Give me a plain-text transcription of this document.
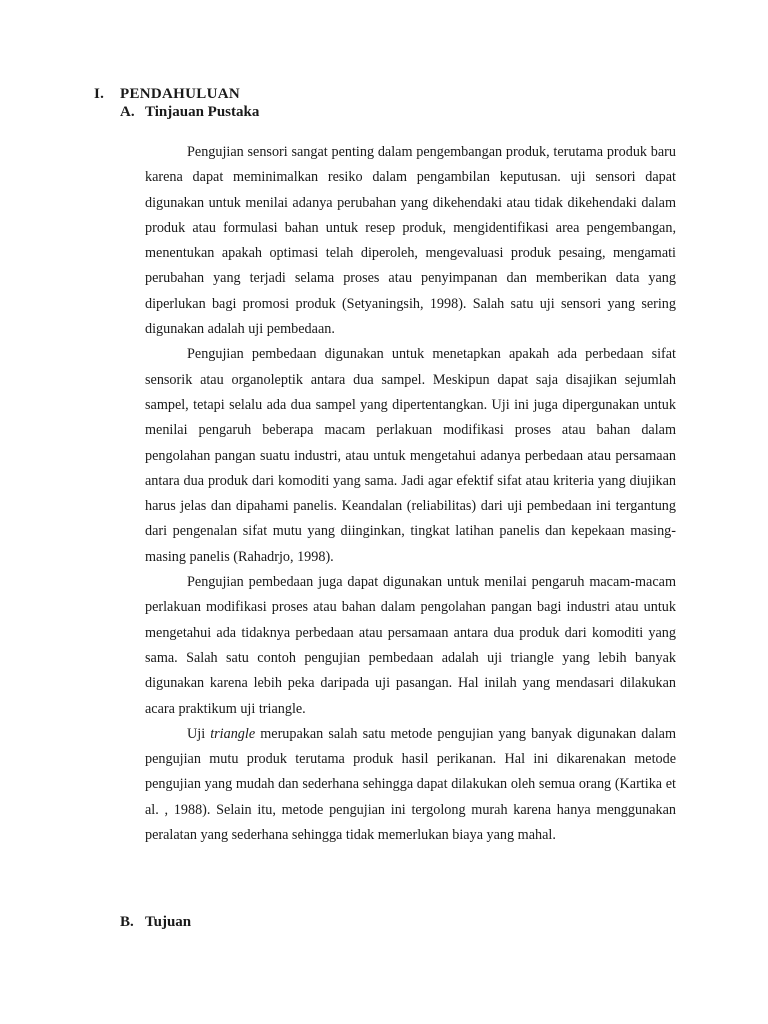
I. PENDAHULUAN
A. Tinjauan Pustaka

Pengujian sensori sangat penting dalam pengembangan produk, terutama produk baru karena dapat meminimalkan resiko dalam pengambilan keputusan. uji sensori dapat digunakan untuk menilai adanya perubahan yang dikehendaki atau tidak dikehendaki dalam produk atau formulasi bahan untuk resep produk, mengidentifikasi area pengembangan, menentukan apakah optimasi telah diperoleh, mengevaluasi produk pesaing, mengamati perubahan yang terjadi selama proses atau penyimpanan dan memberikan data yang diperlukan bagi promosi produk (Setyaningsih, 1998). Salah satu uji sensori yang sering digunakan adalah uji pembedaan.

Pengujian pembedaan digunakan untuk menetapkan apakah ada perbedaan sifat sensorik atau organoleptik antara dua sampel. Meskipun dapat saja disajikan sejumlah sampel, tetapi selalu ada dua sampel yang dipertentangkan. Uji ini juga dipergunakan untuk menilai pengaruh beberapa macam perlakuan modifikasi proses atau bahan dalam pengolahan pangan suatu industri, atau untuk mengetahui adanya perbedaan atau persamaan antara dua produk dari komoditi yang sama. Jadi agar efektif sifat atau kriteria yang diujikan harus jelas dan dipahami panelis. Keandalan (reliabilitas) dari uji pembedaan ini tergantung dari pengenalan sifat mutu yang diinginkan, tingkat latihan panelis dan kepekaan masing-masing panelis (Rahadrjo, 1998).

Pengujian pembedaan juga dapat digunakan untuk menilai pengaruh macam-macam perlakuan modifikasi proses atau bahan dalam pengolahan pangan bagi industri atau untuk mengetahui ada tidaknya perbedaan atau persamaan antara dua produk dari komoditi yang sama. Salah satu contoh pengujian pembedaan adalah uji triangle yang lebih banyak digunakan karena lebih peka daripada uji pasangan. Hal inilah yang mendasari dilakukan acara praktikum uji triangle.

Uji triangle merupakan salah satu metode pengujian yang banyak digunakan dalam pengujian mutu produk terutama produk hasil perikanan. Hal ini dikarenakan metode pengujian yang mudah dan sederhana sehingga dapat dilakukan oleh semua orang (Kartika et al. , 1988). Selain itu, metode pengujian ini tergolong murah karena hanya menggunakan peralatan yang sederhana sehingga tidak memerlukan biaya yang mahal.

B. Tujuan
